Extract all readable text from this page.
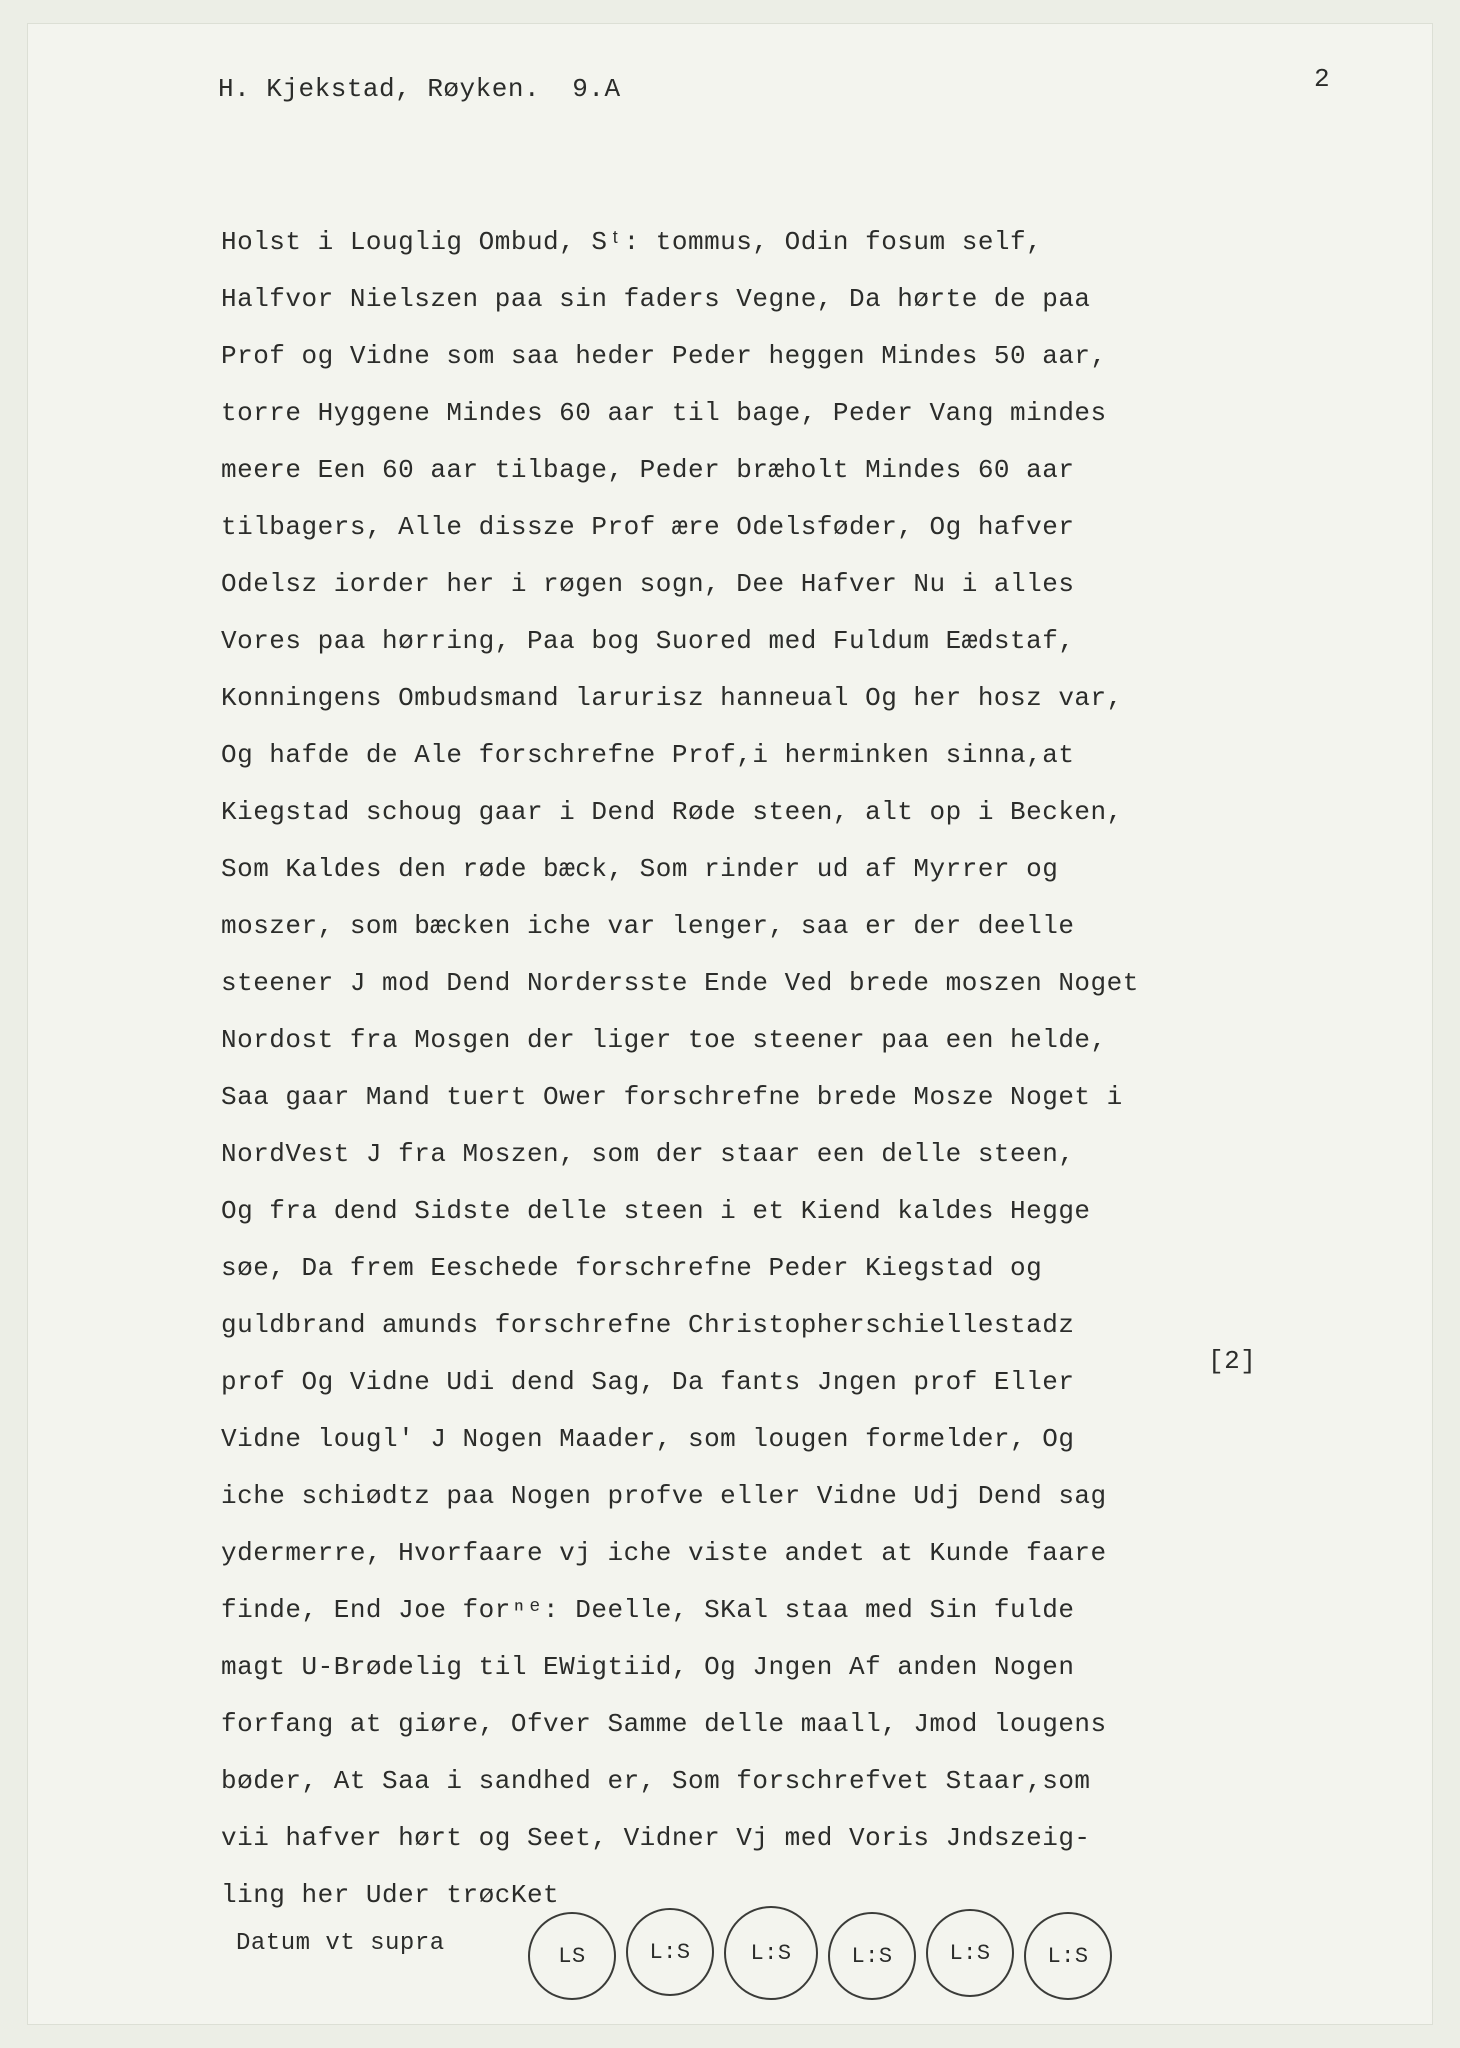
H. Kjekstad, Røyken.  9.A	2
Holst i Louglig Ombud, Sᵗ: tommus, Odin fosum self,
Halfvor Nielszen paa sin faders Vegne, Da hørte de paa
Prof og Vidne som saa heder Peder heggen Mindes 50 aar,
torre Hyggene Mindes 60 aar til bage, Peder Vang mindes
meere Een 60 aar tilbage, Peder bræholt Mindes 60 aar
tilbagers, Alle dissze Prof ære Odelsføder, Og hafver
Odelsz iorder her i røgen sogn, Dee Hafver Nu i alles
Vores paa hørring, Paa bog Suored med Fuldum Eædstaf,
Konningens Ombudsmand larurisz hanneual Og her hosz var,
Og hafde de Ale forschrefne Prof,i herminken sinna,at
Kiegstad schoug gaar i Dend Røde steen, alt op i Becken,
Som Kaldes den røde bæck, Som rinder ud af Myrrer og
moszer, som bæcken iche var lenger, saa er der deelle
steener J mod Dend Nordersste Ende Ved brede moszen Noget
Nordost fra Mosgen der liger toe steener paa een helde,
Saa gaar Mand tuert Ower forschrefne brede Mosze Noget i
NordVest J fra Moszen, som der staar een delle steen,
Og fra dend Sidste delle steen i et Kiend kaldes Hegge
søe, Da frem Eeschede forschrefne Peder Kiegstad og
guldbrand amunds forschrefne Christopherschiellestadz
prof Og Vidne Udi dend Sag, Da fants Jngen prof Eller
Vidne lougl' J Nogen Maader, som lougen formelder, Og
iche schiødtz paa Nogen profve eller Vidne Udj Dend sag
ydermerre, Hvorfaare vj iche viste andet at Kunde faare
finde, End Joe forⁿᵉ: Deelle, SKal staa med Sin fulde
magt U-Brødelig til EWigtiid, Og Jngen Af anden Nogen
forfang at giøre, Ofver Samme delle maall, Jmod lougens
bøder, At Saa i sandhed er, Som forschrefvet Staar,som
vii hafver hørt og Seet, Vidner Vj med Voris Jndszeig-
ling her Uder trøcKet
[2]
Datum vt supra	LS	L:S	L:S	L:S	L:S	L:S
